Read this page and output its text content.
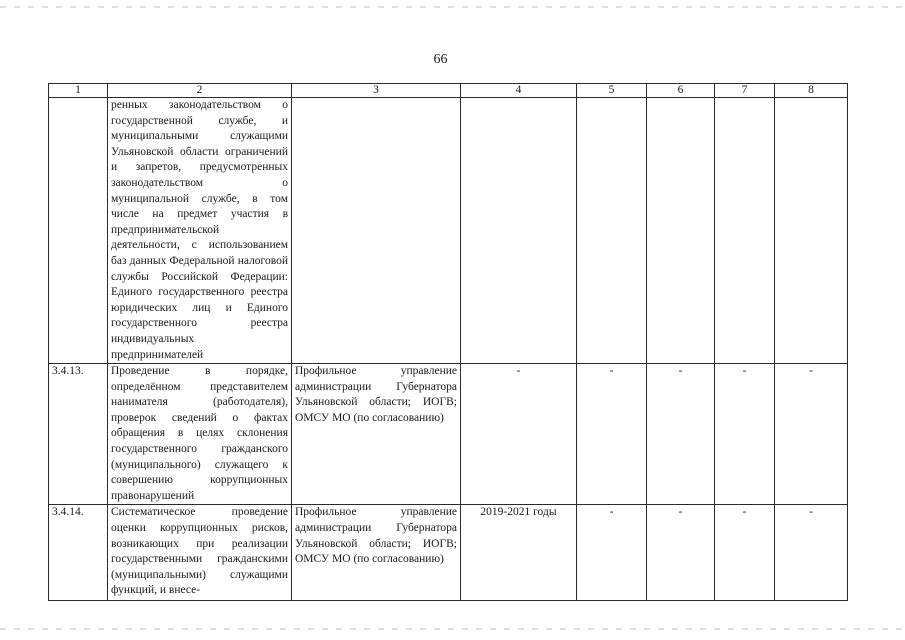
66
1	2	3	4	5	6	7	8
	ренных законодательством о государственной службе, и муниципальными служащими Ульяновской области ограничений и запретов, предусмотренных законодательством о муниципальной службе, в том числе на предмет участия в предпринимательской деятельности, с использованием баз данных Федеральной налоговой службы Российской Федерации: Единого государственного реестра юридических лиц и Единого государственного реестра индивидуальных предпринимателей						
3.4.13.	Проведение в порядке, определённом представителем нанимателя (работодателя), проверок сведений о фактах обращения в целях склонения государственного гражданского (муниципального) служащего к совершению коррупционных правонарушений	Профильное управление администрации Губернатора Ульяновской области; ИОГВ; ОМСУ МО (по согласованию)	-	-	-	-	-
3.4.14.	Систематическое проведение оценки коррупционных рисков, возникающих при реализации государственными гражданскими (муниципальными) служащими функций, и внесе-	Профильное управление администрации Губернатора Ульяновской области; ИОГВ; ОМСУ МО (по согласованию)	2019-2021 годы	-	-	-	-
